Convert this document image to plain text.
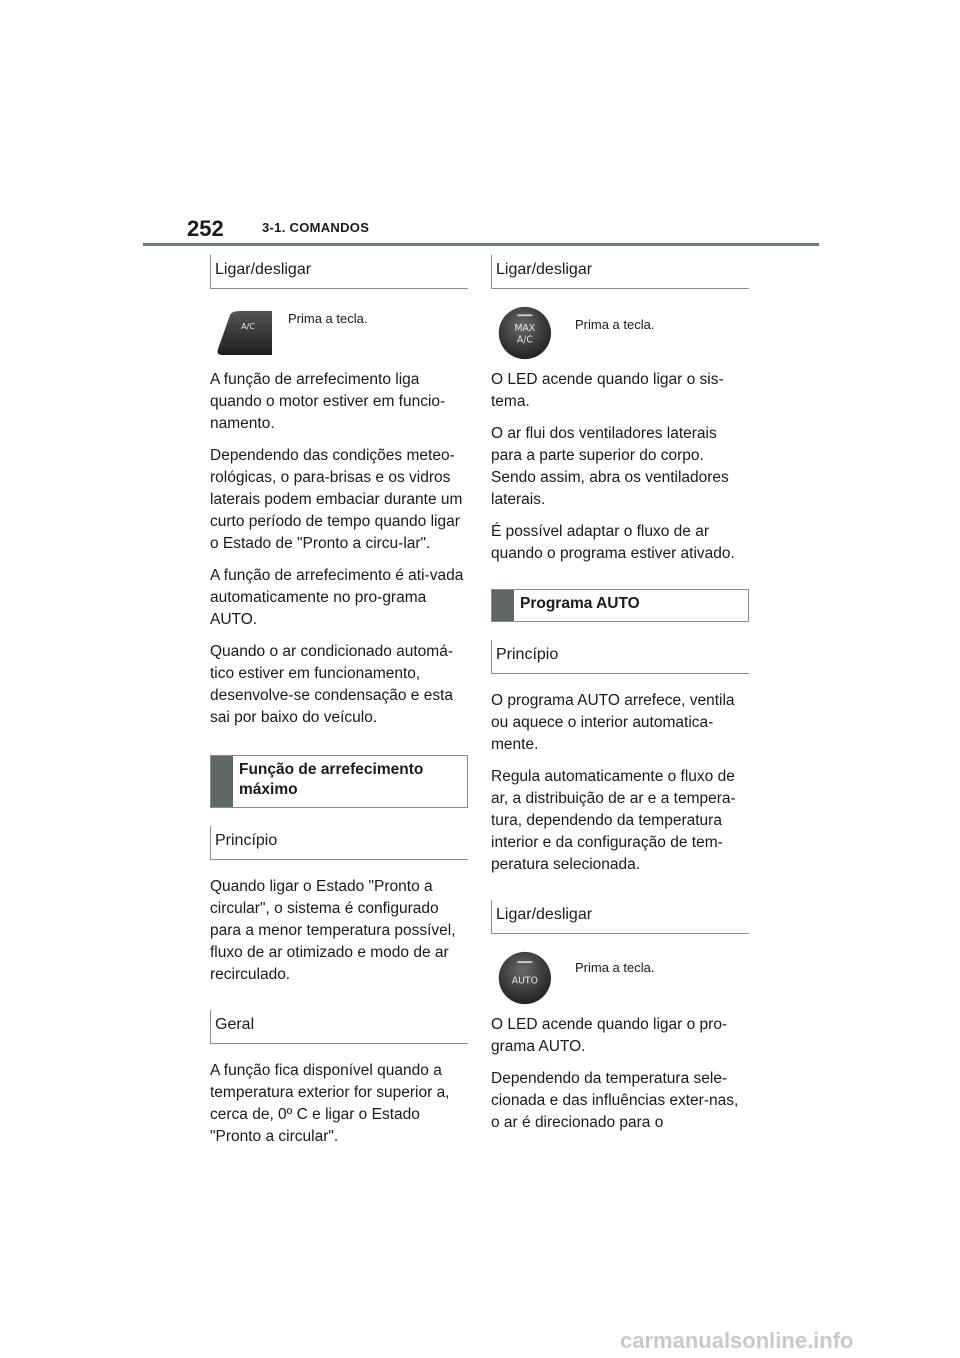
252	3-1. COMANDOS
Ligar/desligar
A/C
Prima a tecla.

A função de arrefecimento liga quando o motor estiver em funcio-namento.

Dependendo das condições meteo-rológicas, o para-brisas e os vidros laterais podem embaciar durante um curto período de tempo quando ligar o Estado de "Pronto a circu-lar".

A função de arrefecimento é ati-vada automaticamente no pro-grama AUTO.

Quando o ar condicionado automá-tico estiver em funcionamento, desenvolve-se condensação e esta sai por baixo do veículo.

Função de arrefecimento máximo
Princípio

Quando ligar o Estado "Pronto a circular", o sistema é configurado para a menor temperatura possível, fluxo de ar otimizado e modo de ar recirculado.

Geral

A função fica disponível quando a temperatura exterior for superior a, cerca de, 0º C e ligar o Estado "Pronto a circular".

Ligar/desligar
MAX
A/C
Prima a tecla.

O LED acende quando ligar o sis-tema.

O ar flui dos ventiladores laterais para a parte superior do corpo. Sendo assim, abra os ventiladores laterais.

É possível adaptar o fluxo de ar quando o programa estiver ativado.

Programa AUTO
Princípio

O programa AUTO arrefece, ventila ou aquece o interior automatica-mente.

Regula automaticamente o fluxo de ar, a distribuição de ar e a tempera-tura, dependendo da temperatura interior e da configuração de tem-peratura selecionada.

Ligar/desligar
AUTO
Prima a tecla.

O LED acende quando ligar o pro-grama AUTO.

Dependendo da temperatura sele-cionada e das influências exter-nas, o ar é direcionado para o

carmanualsonline.info
